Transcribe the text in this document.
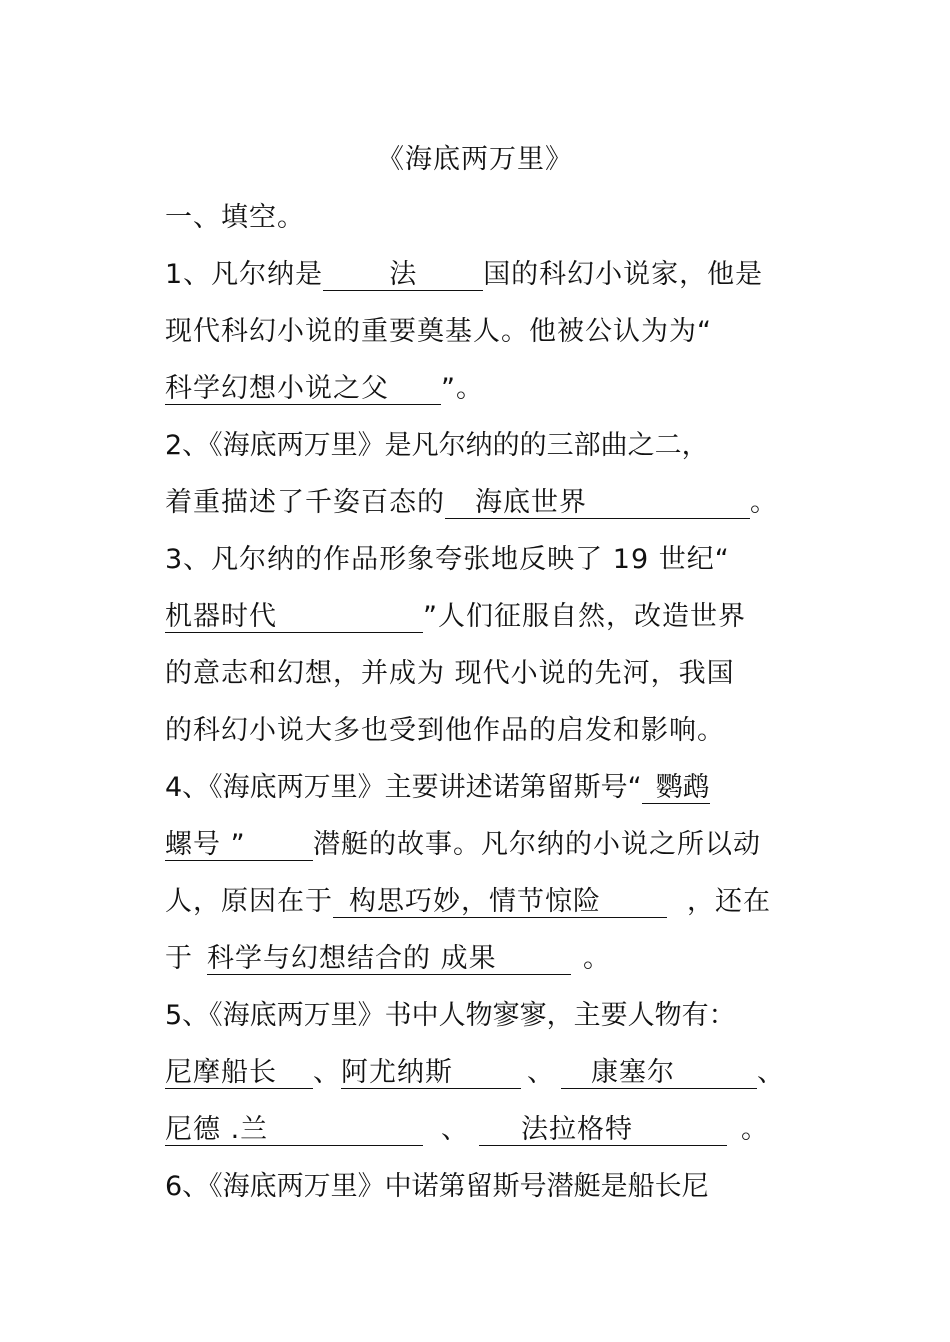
《海底两万里》
一、填空。
1、凡尔纳是 法 国的科幻小说家，他是
现代科幻小说的重要奠基人。他被公认为为“
科学幻想小说之父 ”。
2、《海底两万里》是凡尔纳的的三部曲之二，
着重描述了千姿百态的 海底世界	。
3、凡尔纳的作品形象夸张地反映了 19 世纪“
机器时代	”人们征服自然，改造世界
的意志和幻想，并成为 现代小说的先河，我国
的科幻小说大多也受到他作品的启发和影响。
4、《海底两万里》主要讲述诺第留斯号“ 鹦鹉
螺号 ” 潜艇的故事。凡尔纳的小说之所以动
人，原因在于 构思巧妙，情节惊险	，还在
于 科学与幻想结合的 成果	。
5、《海底两万里》书中人物寥寥，主要人物有：
尼摩船长 、阿尤纳斯	、 康塞尔	、
尼德 .兰	、 法拉格特	。
6、《海底两万里》中诺第留斯号潜艇是船长尼
